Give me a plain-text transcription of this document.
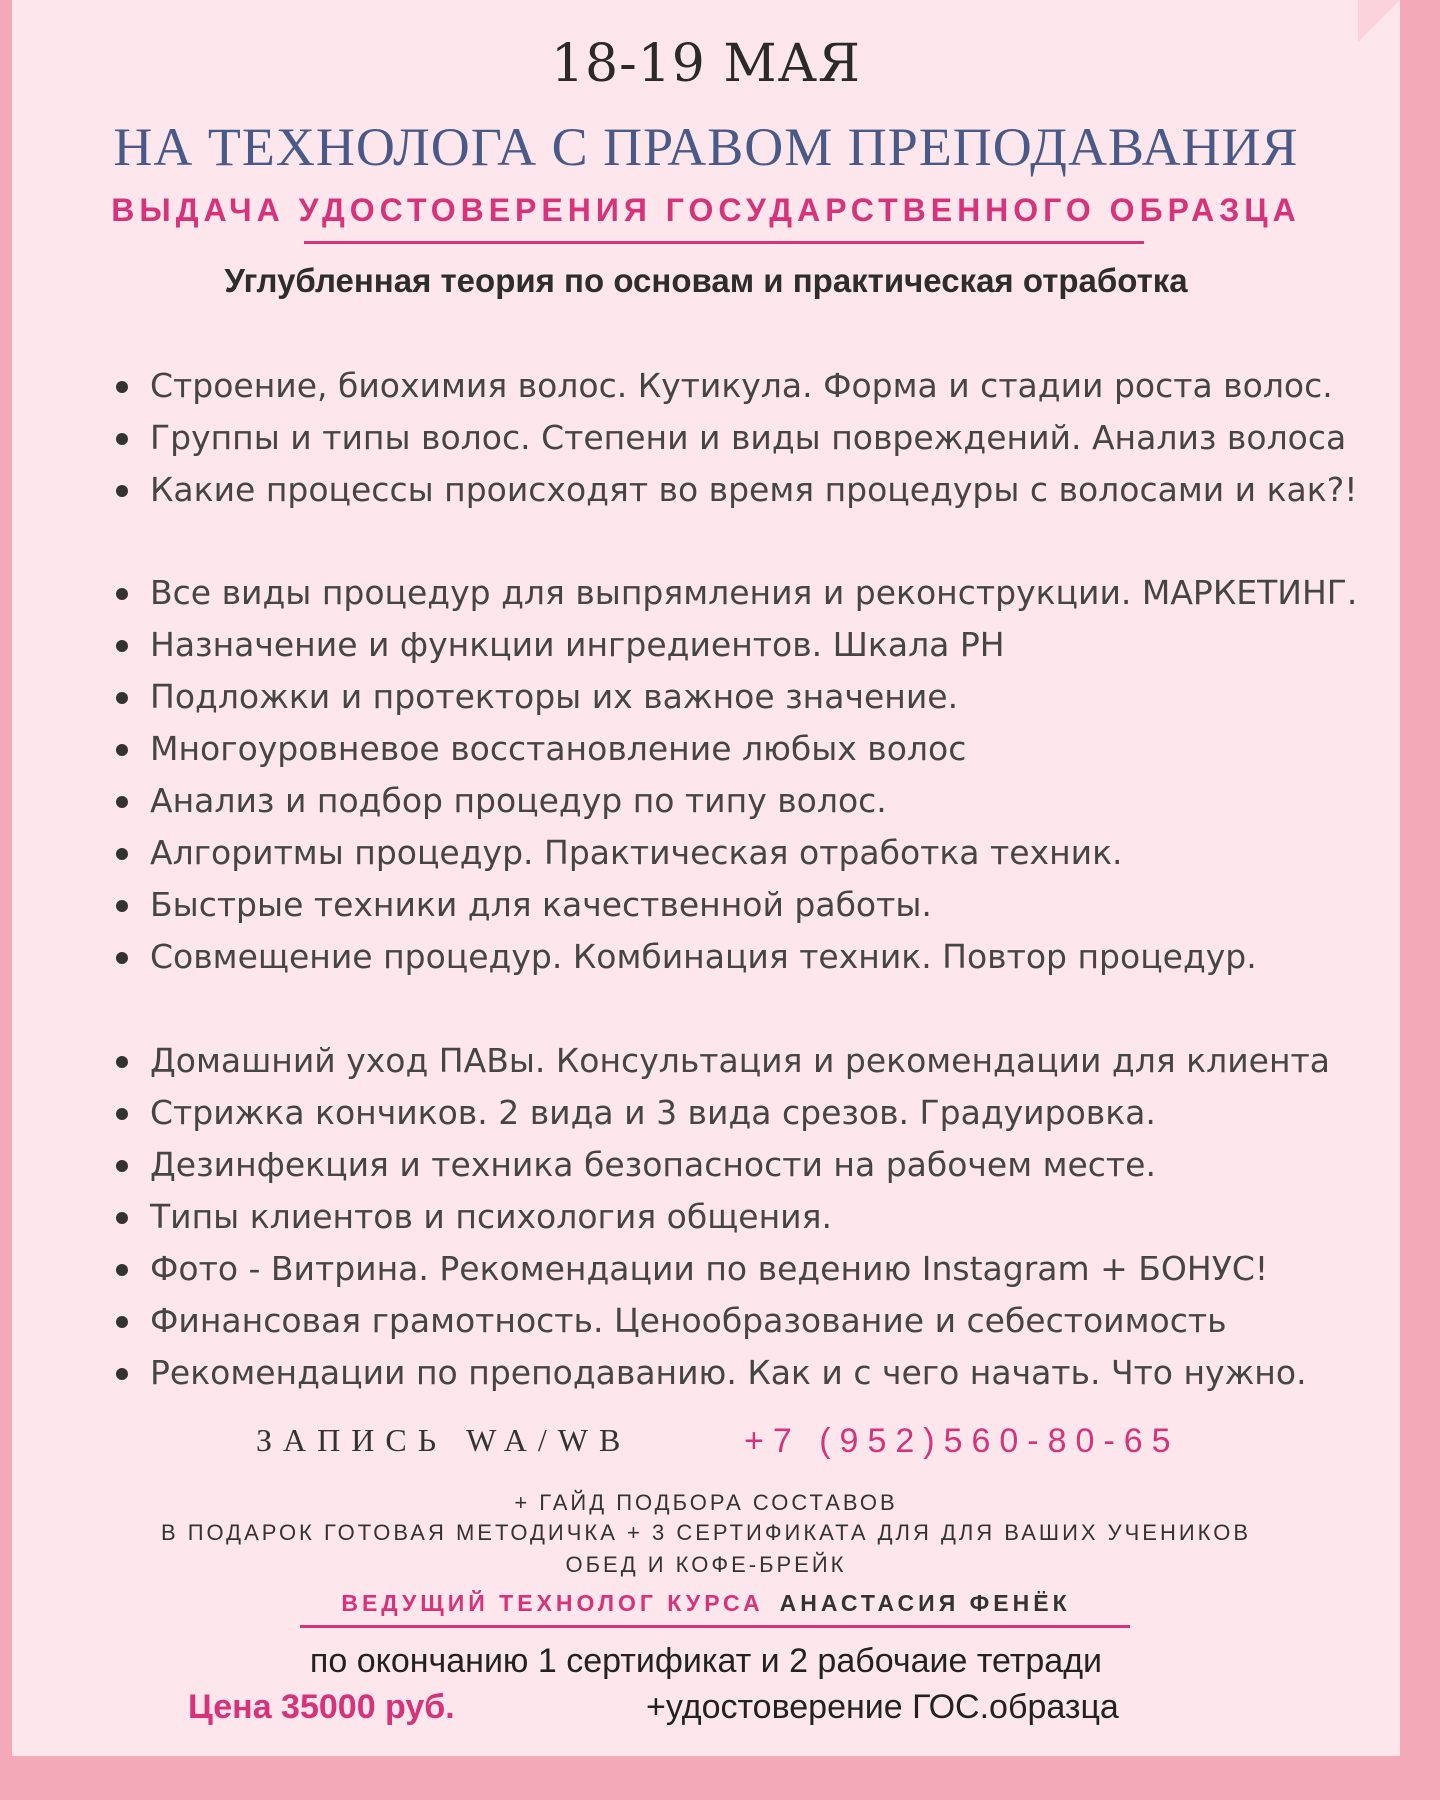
18-19 МАЯ
НА ТЕХНОЛОГА С ПРАВОМ ПРЕПОДАВАНИЯ
ВЫДАЧА УДОСТОВЕРЕНИЯ ГОСУДАРСТВЕННОГО ОБРАЗЦА
Углубленная теория по основам и практическая отработка
Строение, биохимия волос. Кутикула. Форма и стадии роста волос.
Группы и типы волос. Степени и виды повреждений. Анализ волоса
Какие процессы происходят во время процедуры с волосами и как?!
Все виды процедур для выпрямления и реконструкции. МАРКЕТИНГ.
Назначение и функции ингредиентов. Шкала PH
Подложки и протекторы их важное значение.
Многоуровневое восстановление любых волос
Анализ и подбор процедур по типу волос.
Алгоритмы процедур. Практическая отработка техник.
Быстрые техники для качественной работы.
Совмещение процедур. Комбинация техник. Повтор процедур.
Домашний уход ПАВы. Консультация и рекомендации для клиента
Стрижка кончиков. 2 вида и 3 вида срезов. Градуировка.
Дезинфекция и техника безопасности на рабочем месте.
Типы клиентов и психология общения.
Фото - Витрина. Рекомендации по ведению Instagram + БОНУС!
Финансовая грамотность. Ценообразование и себестоимость
Рекомендации по преподаванию. Как и с чего начать. Что нужно.
ЗАПИСЬ WA/WB	+7 (952)560-80-65
+ ГАЙД ПОДБОРА СОСТАВОВ
В ПОДАРОК ГОТОВАЯ МЕТОДИЧКА + 3 СЕРТИФИКАТА ДЛЯ ДЛЯ ВАШИХ УЧЕНИКОВ
ОБЕД И КОФЕ-БРЕЙК
ВЕДУЩИЙ ТЕХНОЛОГ КУРСА АНАСТАСИЯ ФЕНЁК
по окончанию 1 сертификат и 2 рабочаие тетради
Цена 35000 руб.	+удостоверение ГОС.образца
